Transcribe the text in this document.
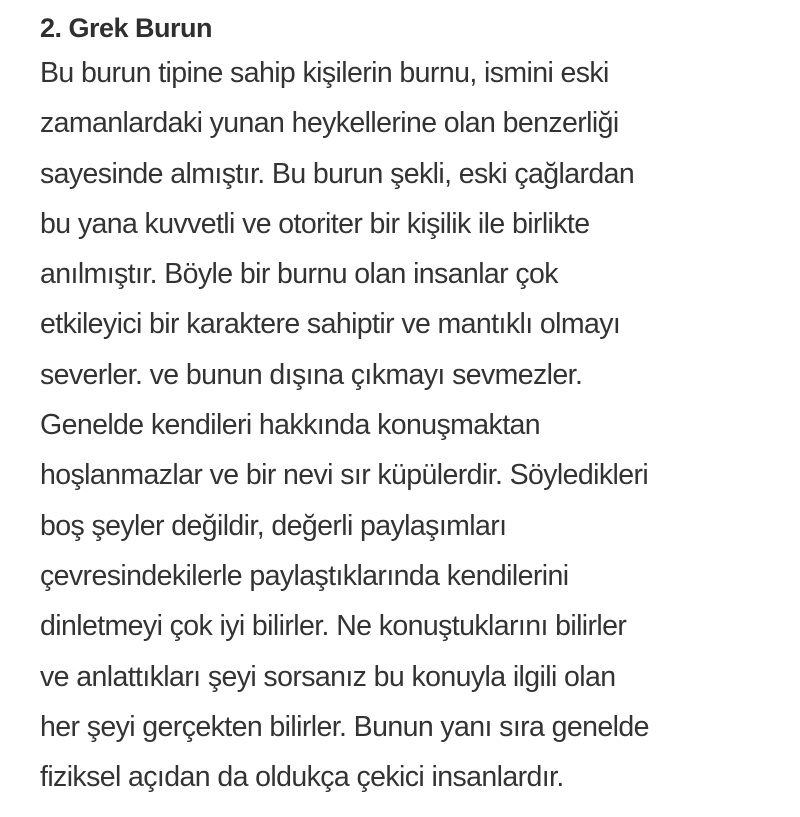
2. Grek Burun
Bu burun tipine sahip kişilerin burnu, ismini eski
zamanlardaki yunan heykellerine olan benzerliği
sayesinde almıştır. Bu burun şekli, eski çağlardan
bu yana kuvvetli ve otoriter bir kişilik ile birlikte
anılmıştır. Böyle bir burnu olan insanlar çok
etkileyici bir karaktere sahiptir ve mantıklı olmayı
severler. ve bunun dışına çıkmayı sevmezler.
Genelde kendileri hakkında konuşmaktan
hoşlanmazlar ve bir nevi sır küpülerdir. Söyledikleri
boş şeyler değildir, değerli paylaşımları
çevresindekilerle paylaştıklarında kendilerini
dinletmeyi çok iyi bilirler. Ne konuştuklarını bilirler
ve anlattıkları şeyi sorsanız bu konuyla ilgili olan
her şeyi gerçekten bilirler. Bunun yanı sıra genelde
fiziksel açıdan da oldukça çekici insanlardır.
